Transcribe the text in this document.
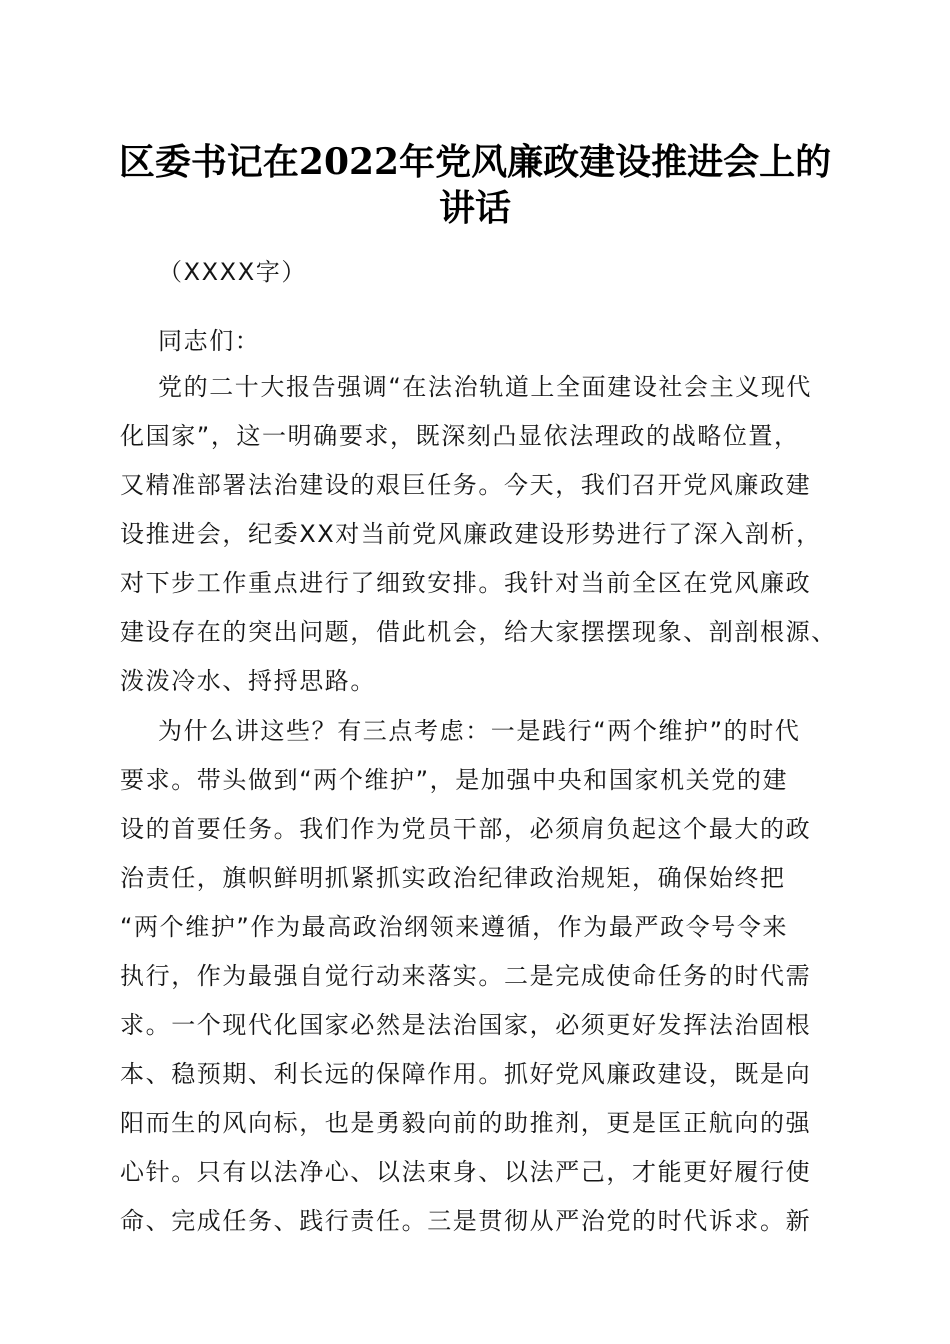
区委书记在2022年党风廉政建设推进会上的
讲话
（XXXX字）
同志们：
党的二十大报告强调“在法治轨道上全面建设社会主义现代
化国家”，这一明确要求，既深刻凸显依法理政的战略位置，
又精准部署法治建设的艰巨任务。今天，我们召开党风廉政建
设推进会，纪委XX对当前党风廉政建设形势进行了深入剖析，
对下步工作重点进行了细致安排。我针对当前全区在党风廉政
建设存在的突出问题，借此机会，给大家摆摆现象、剖剖根源、
泼泼冷水、捋捋思路。
为什么讲这些？有三点考虑：一是践行“两个维护”的时代
要求。带头做到“两个维护”，是加强中央和国家机关党的建
设的首要任务。我们作为党员干部，必须肩负起这个最大的政
治责任，旗帜鲜明抓紧抓实政治纪律政治规矩，确保始终把
“两个维护”作为最高政治纲领来遵循，作为最严政令号令来
执行，作为最强自觉行动来落实。二是完成使命任务的时代需
求。一个现代化国家必然是法治国家，必须更好发挥法治固根
本、稳预期、利长远的保障作用。抓好党风廉政建设，既是向
阳而生的风向标，也是勇毅向前的助推剂，更是匡正航向的强
心针。只有以法净心、以法束身、以法严己，才能更好履行使
命、完成任务、践行责任。三是贯彻从严治党的时代诉求。新
